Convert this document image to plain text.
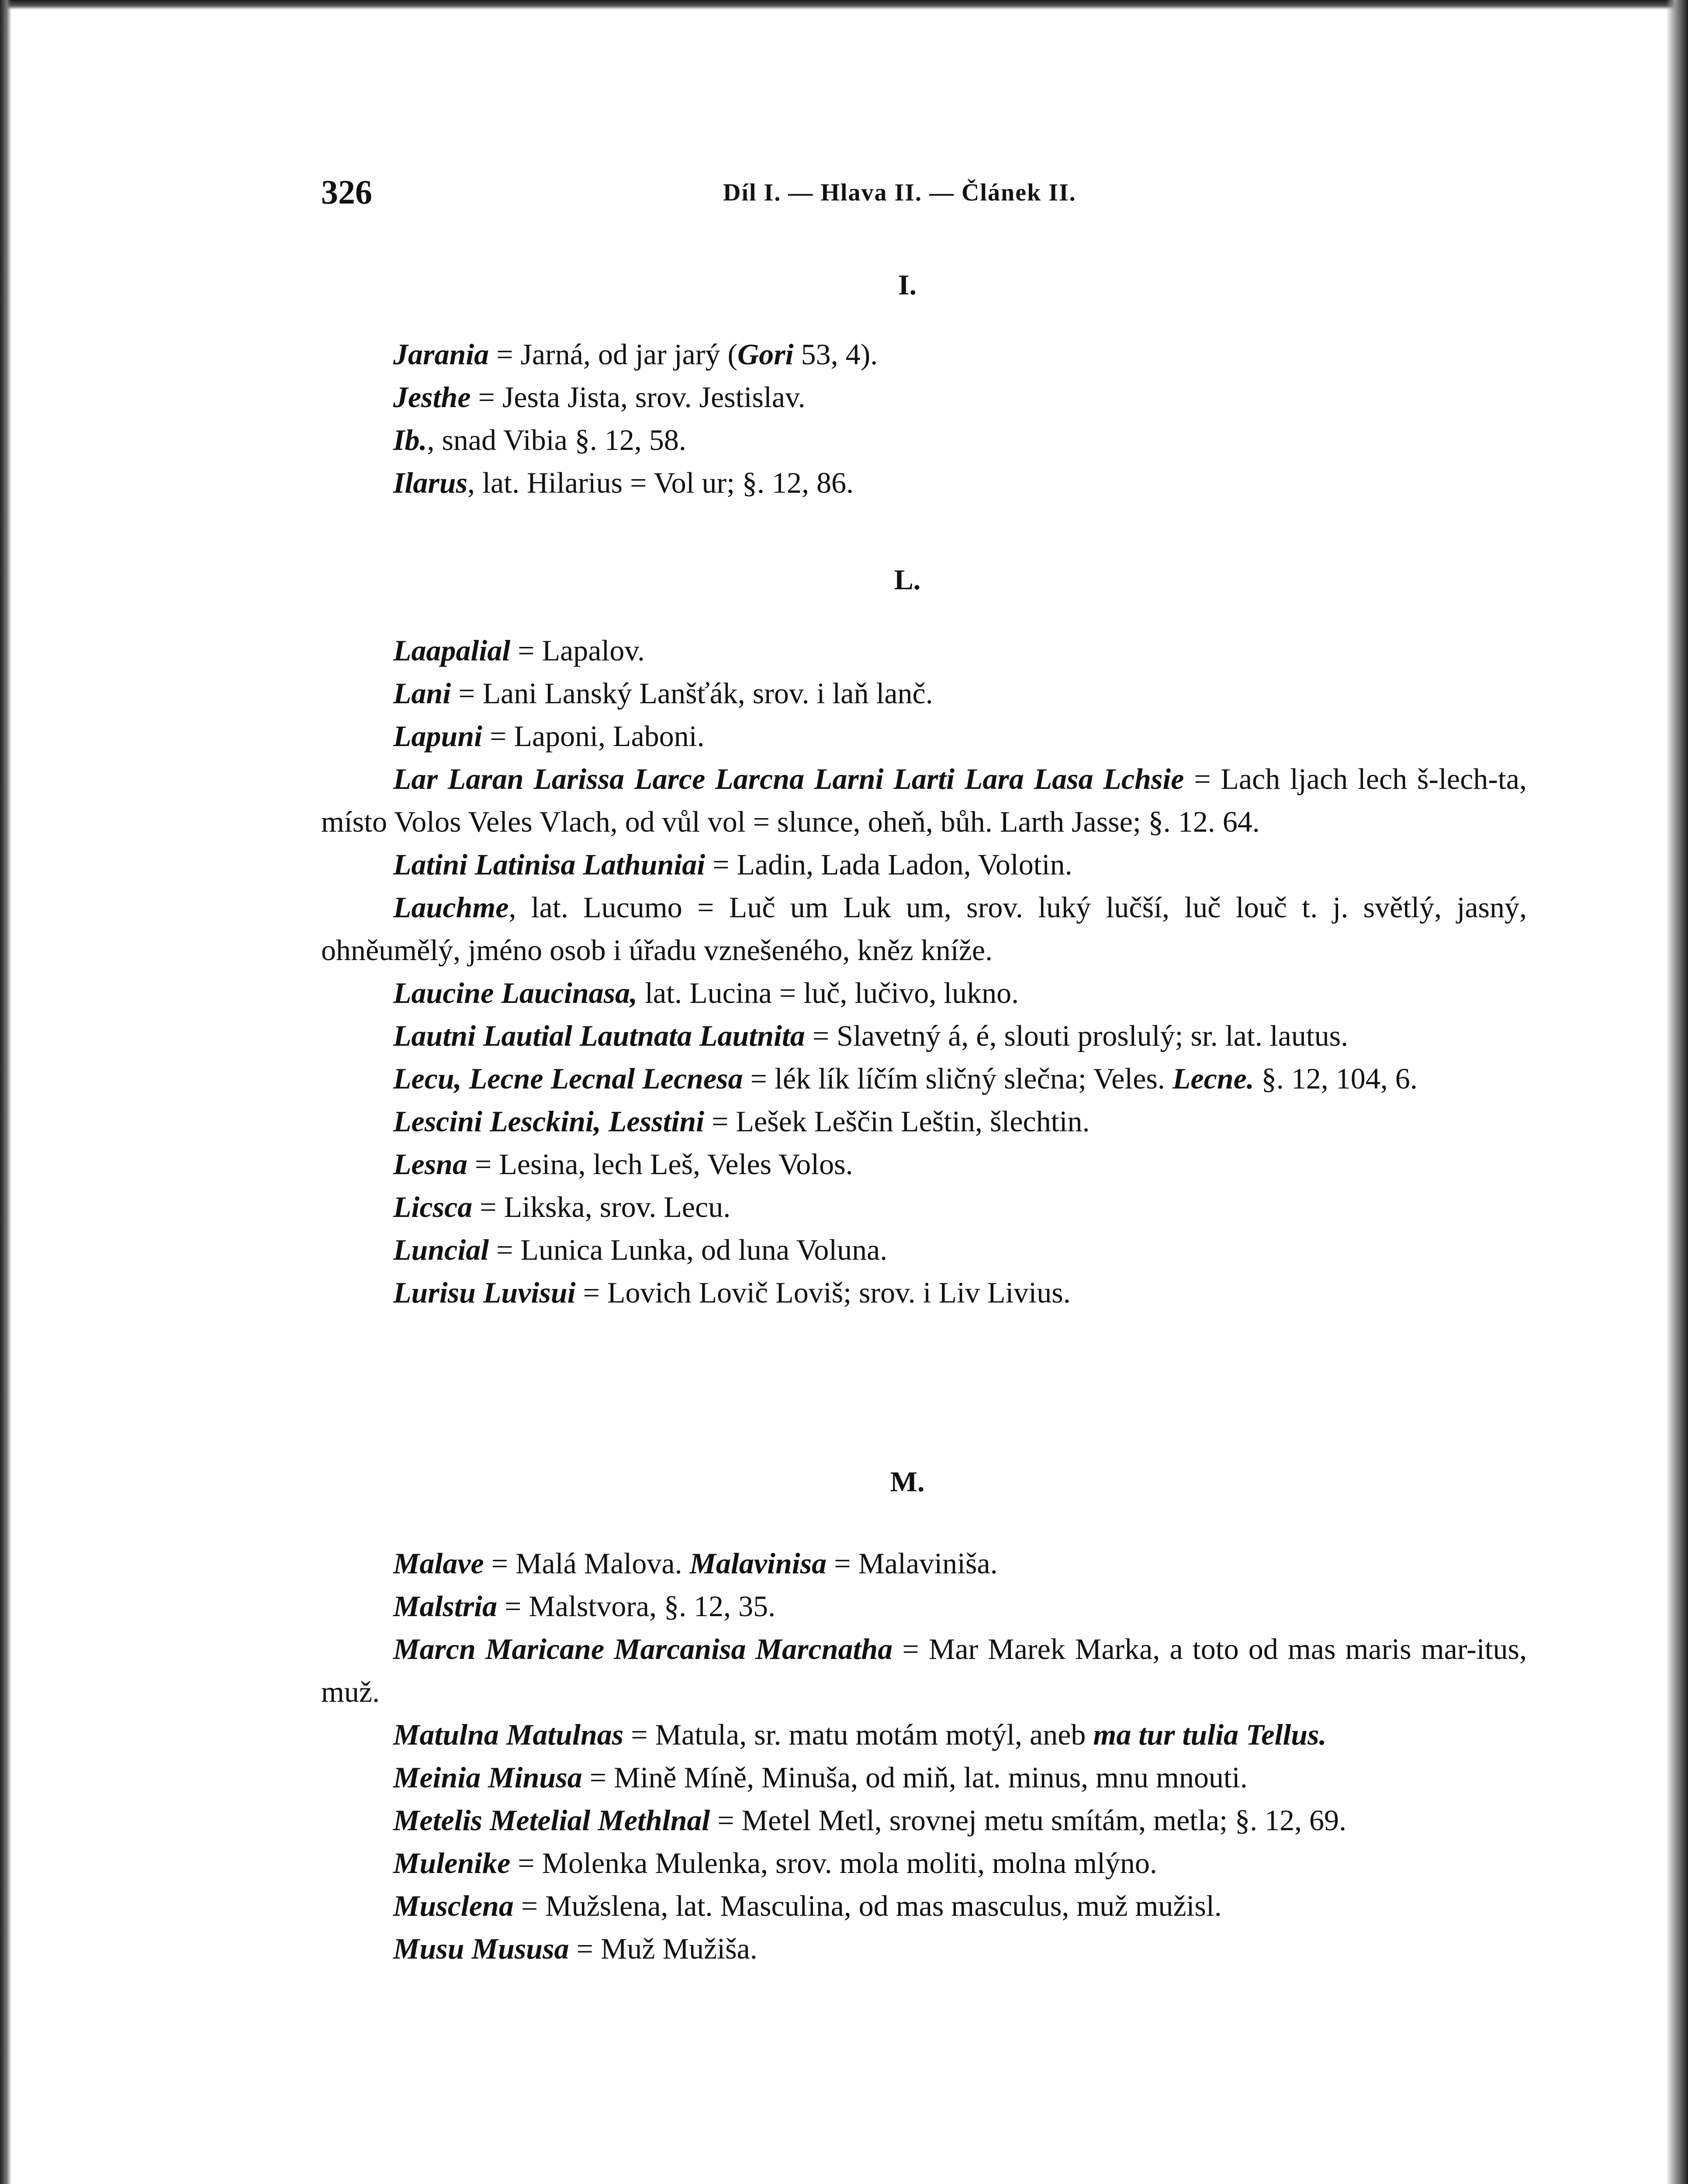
326	Díl I. — Hlava II. — Článek II.
I.

Jarania = Jarná, od jar jarý (Gori 53, 4).

Jesthe = Jesta Jista, srov. Jestislav.

Ib., snad Vibia §. 12, 58.

Ilarus, lat. Hilarius = Vol ur; §. 12, 86.

L.

Laapalial = Lapalov.

Lani = Lani Lanský Lanšťák, srov. i laň lanč.

Lapuni = Laponi, Laboni.

Lar Laran Larissa Larce Larcna Larni Larti Lara Lasa Lchsie = Lach ljach lech š-lech-ta, místo Volos Veles Vlach, od vůl vol = slunce, oheň, bůh. Larth Jasse; §. 12. 64.

Latini Latinisa Lathuniai = Ladin, Lada Ladon, Volotin.

Lauchme, lat. Lucumo = Luč um Luk um, srov. luký lučší, luč louč t. j. světlý, jasný, ohněumělý, jméno osob i úřadu vznešeného, kněz kníže.

Laucine Laucinasa, lat. Lucina = luč, lučivo, lukno.

Lautni Lautial Lautnata Lautnita = Slavetný á, é, slouti proslulý; sr. lat. lautus.

Lecu, Lecne Lecnal Lecnesa = lék lík líčím sličný slečna; Veles. Lecne. §. 12, 104, 6.

Lescini Lesckini, Lesstini = Lešek Leščin Leštin, šlechtin.

Lesna = Lesina, lech Leš, Veles Volos.

Licsca = Likska, srov. Lecu.

Luncial = Lunica Lunka, od luna Voluna.

Lurisu Luvisui = Lovich Lovič Loviš; srov. i Liv Livius.

M.

Malave = Malá Malova. Malavinisa = Malavinišа.

Malstria = Malstvora, §. 12, 35.

Marcn Maricane Marcanisa Marcnatha = Mar Marek Marka, a toto od mas maris mar-itus, muž.

Matulna Matulnas = Matula, sr. matu motám motýl, aneb ma tur tulia Tellus.

Meinia Minusa = Mině Míně, Minuša, od miň, lat. minus, mnu mnouti.

Metelis Metelial Methlnal = Metel Metl, srovnej metu smítám, metla; §. 12, 69.

Mulenike = Molenka Mulenka, srov. mola moliti, molna mlýno.

Musclena = Mužslena, lat. Masculina, od mas masculus, muž mužisl.

Musu Mususa = Muž Mužiša.
